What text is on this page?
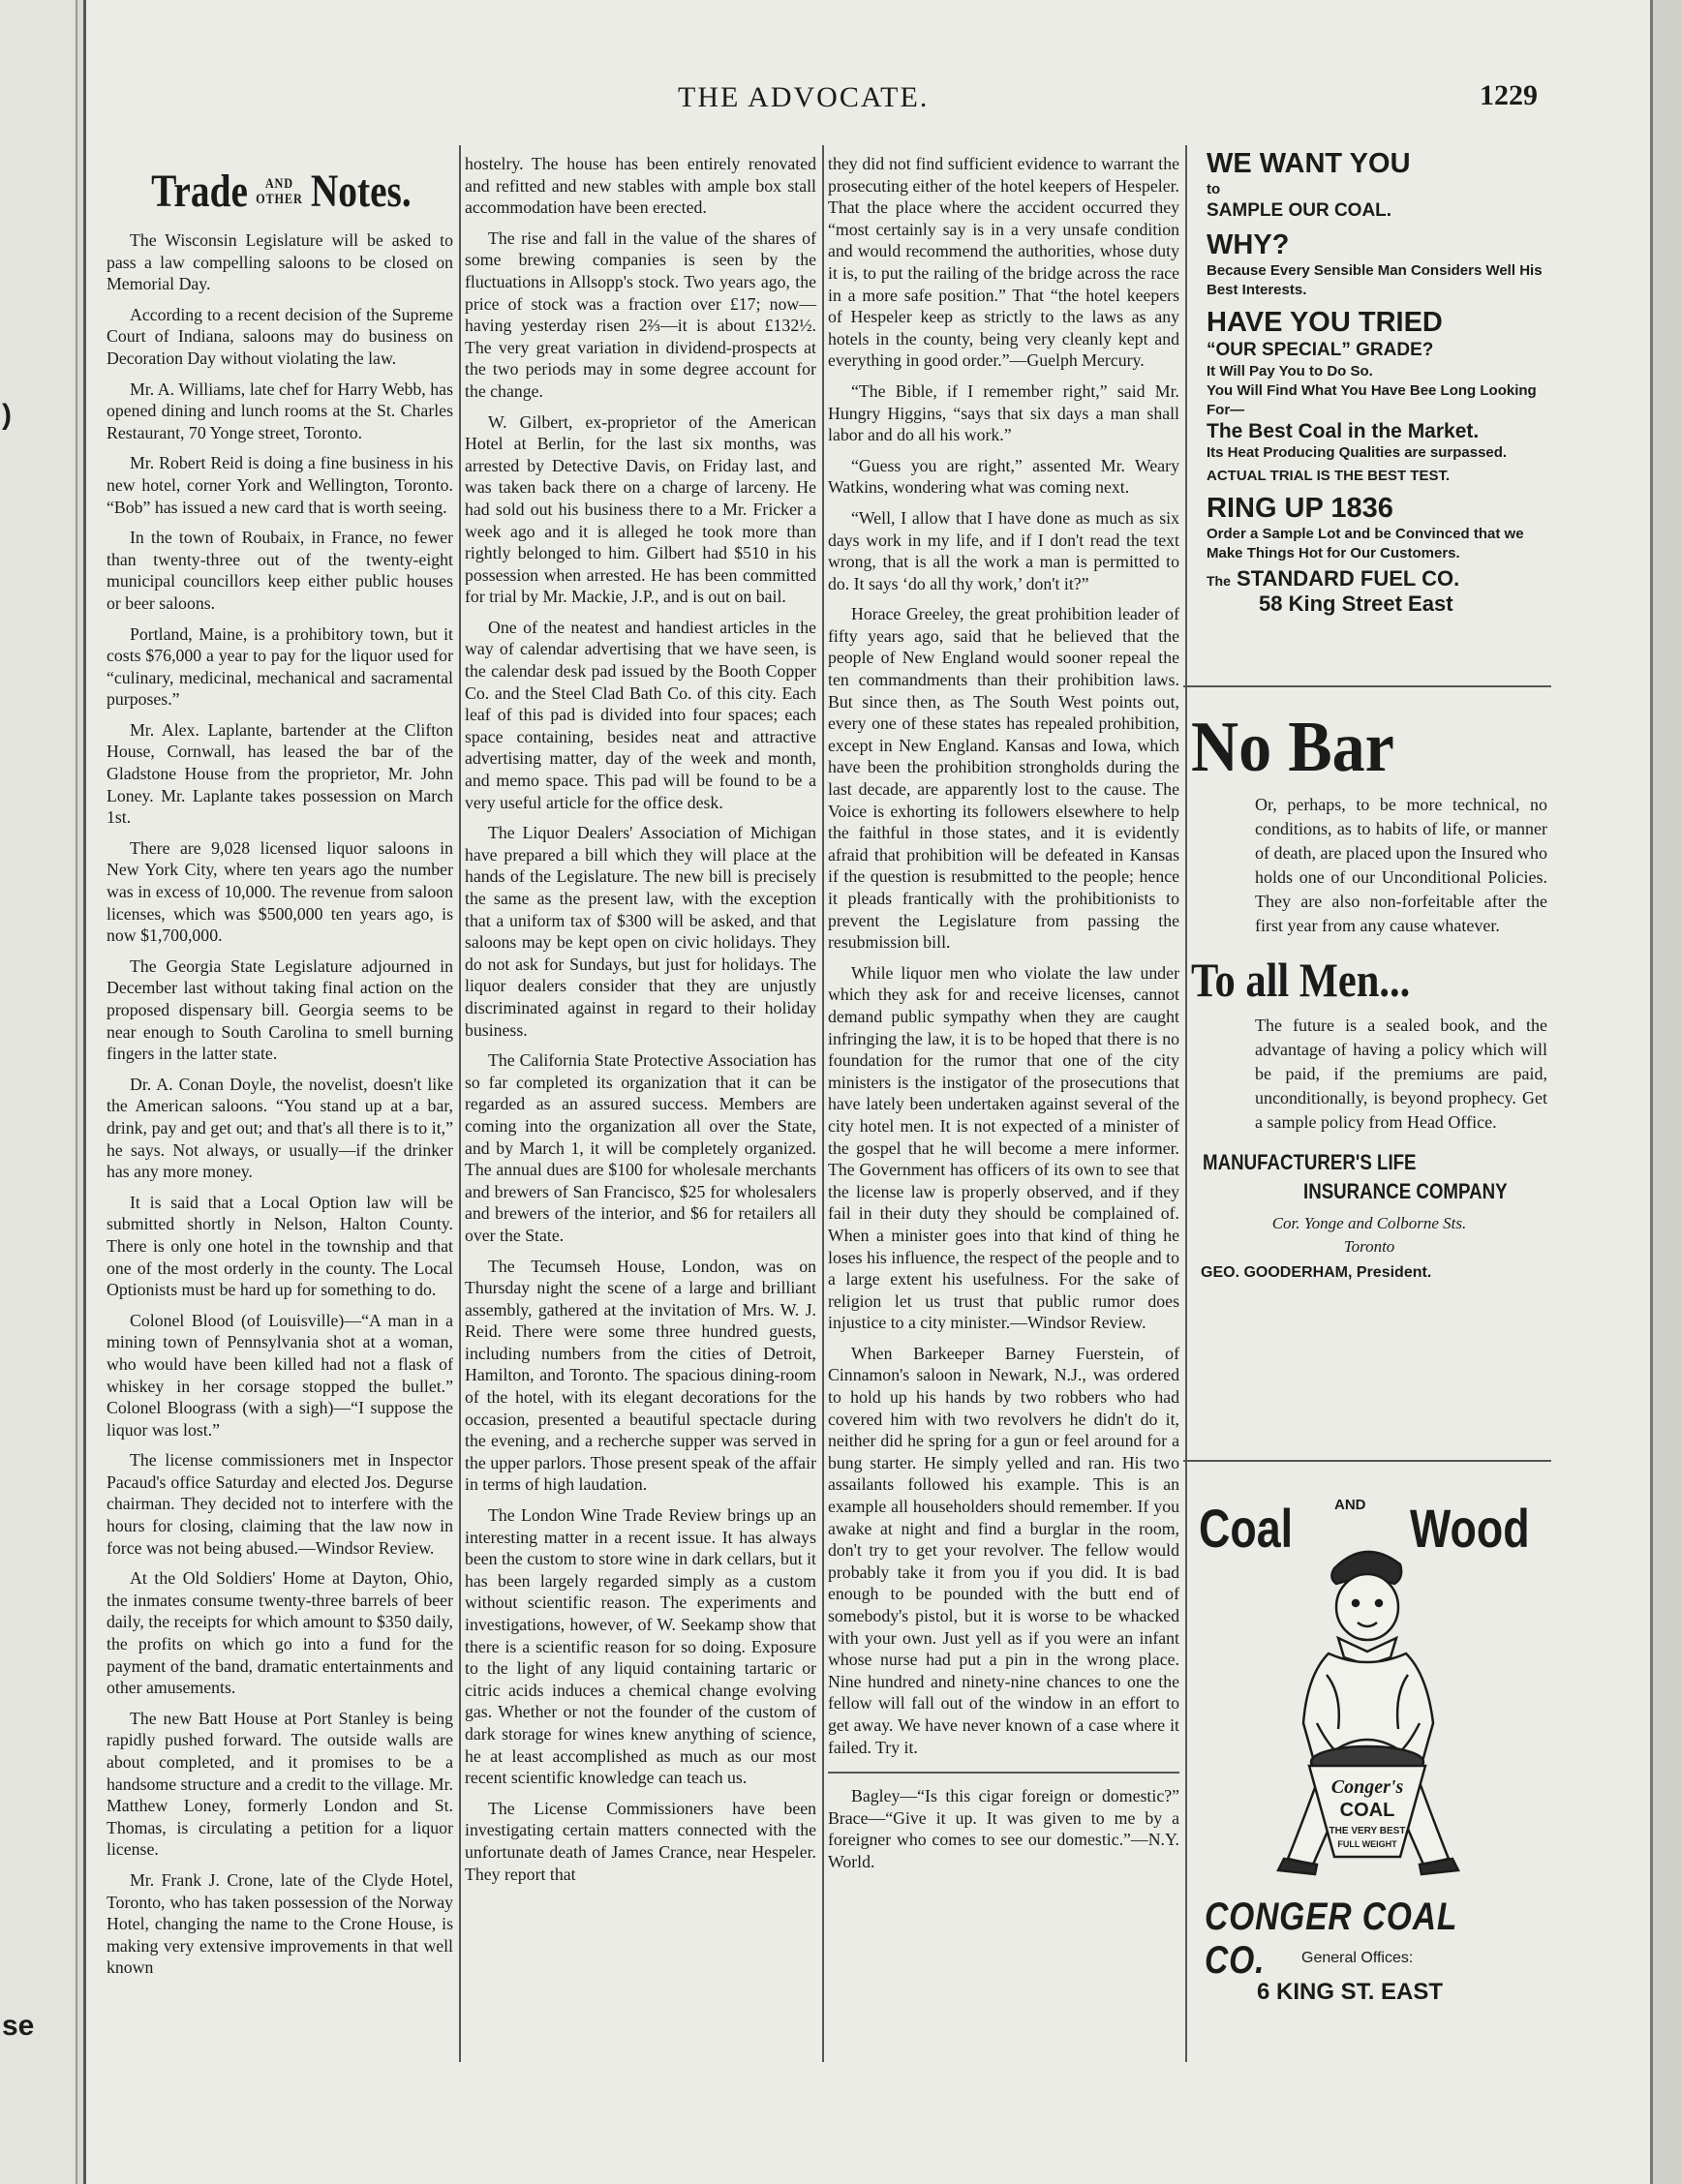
)
se
THE ADVOCATE.	1229
Trade	AND
OTHER Notes.

The Wisconsin Legislature will be asked to pass a law compelling saloons to be closed on Memorial Day.

According to a recent decision of the Supreme Court of Indiana, saloons may do business on Decoration Day without violating the law.

Mr. A. Williams, late chef for Harry Webb, has opened dining and lunch rooms at the St. Charles Restaurant, 70 Yonge street, Toronto.

Mr. Robert Reid is doing a fine business in his new hotel, corner York and Wellington, Toronto. “Bob” has issued a new card that is worth seeing.

In the town of Roubaix, in France, no fewer than twenty-three out of the twenty-eight municipal councillors keep either public houses or beer saloons.

Portland, Maine, is a prohibitory town, but it costs $76,000 a year to pay for the liquor used for “culinary, medicinal, mechanical and sacramental purposes.”

Mr. Alex. Laplante, bartender at the Clifton House, Cornwall, has leased the bar of the Gladstone House from the proprietor, Mr. John Loney. Mr. Laplante takes possession on March 1st.

There are 9,028 licensed liquor saloons in New York City, where ten years ago the number was in excess of 10,000. The revenue from saloon licenses, which was $500,000 ten years ago, is now $1,700,000.

The Georgia State Legislature adjourned in December last without taking final action on the proposed dispensary bill. Georgia seems to be near enough to South Carolina to smell burning fingers in the latter state.

Dr. A. Conan Doyle, the novelist, doesn't like the American saloons. “You stand up at a bar, drink, pay and get out; and that's all there is to it,” he says. Not always, or usually—if the drinker has any more money.

It is said that a Local Option law will be submitted shortly in Nelson, Halton County. There is only one hotel in the township and that one of the most orderly in the county. The Local Optionists must be hard up for something to do.

Colonel Blood (of Louisville)—“A man in a mining town of Pennsylvania shot at a woman, who would have been killed had not a flask of whiskey in her corsage stopped the bullet.” Colonel Bloograss (with a sigh)—“I suppose the liquor was lost.”

The license commissioners met in Inspector Pacaud's office Saturday and elected Jos. Degurse chairman. They decided not to interfere with the hours for closing, claiming that the law now in force was not being abused.—Windsor Review.

At the Old Soldiers' Home at Dayton, Ohio, the inmates consume twenty-three barrels of beer daily, the receipts for which amount to $350 daily, the profits on which go into a fund for the payment of the band, dramatic entertainments and other amusements.

The new Batt House at Port Stanley is being rapidly pushed forward. The outside walls are about completed, and it promises to be a handsome structure and a credit to the village. Mr. Matthew Loney, formerly London and St. Thomas, is circulating a petition for a liquor license.

Mr. Frank J. Crone, late of the Clyde Hotel, Toronto, who has taken possession of the Norway Hotel, changing the name to the Crone House, is making very extensive improvements in that well known

hostelry. The house has been entirely renovated and refitted and new stables with ample box stall accommodation have been erected.

The rise and fall in the value of the shares of some brewing companies is seen by the fluctuations in Allsopp's stock. Two years ago, the price of stock was a fraction over £17; now—having yesterday risen 2⅔—it is about £132½. The very great variation in dividend-prospects at the two periods may in some degree account for the change.

W. Gilbert, ex-proprietor of the American Hotel at Berlin, for the last six months, was arrested by Detective Davis, on Friday last, and was taken back there on a charge of larceny. He had sold out his business there to a Mr. Fricker a week ago and it is alleged he took more than rightly belonged to him. Gilbert had $510 in his possession when arrested. He has been committed for trial by Mr. Mackie, J.P., and is out on bail.

One of the neatest and handiest articles in the way of calendar advertising that we have seen, is the calendar desk pad issued by the Booth Copper Co. and the Steel Clad Bath Co. of this city. Each leaf of this pad is divided into four spaces; each space containing, besides neat and attractive advertising matter, day of the week and month, and memo space. This pad will be found to be a very useful article for the office desk.

The Liquor Dealers' Association of Michigan have prepared a bill which they will place at the hands of the Legislature. The new bill is precisely the same as the present law, with the exception that a uniform tax of $300 will be asked, and that saloons may be kept open on civic holidays. They do not ask for Sundays, but just for holidays. The liquor dealers consider that they are unjustly discriminated against in regard to their holiday business.

The California State Protective Association has so far completed its organization that it can be regarded as an assured success. Members are coming into the organization all over the State, and by March 1, it will be completely organized. The annual dues are $100 for wholesale merchants and brewers of San Francisco, $25 for wholesalers and brewers of the interior, and $6 for retailers all over the State.

The Tecumseh House, London, was on Thursday night the scene of a large and brilliant assembly, gathered at the invitation of Mrs. W. J. Reid. There were some three hundred guests, including numbers from the cities of Detroit, Hamilton, and Toronto. The spacious dining-room of the hotel, with its elegant decorations for the occasion, presented a beautiful spectacle during the evening, and a recherche supper was served in the upper parlors. Those present speak of the affair in terms of high laudation.

The London Wine Trade Review brings up an interesting matter in a recent issue. It has always been the custom to store wine in dark cellars, but it has been largely regarded simply as a custom without scientific reason. The experiments and investigations, however, of W. Seekamp show that there is a scientific reason for so doing. Exposure to the light of any liquid containing tartaric or citric acids induces a chemical change evolving gas. Whether or not the founder of the custom of dark storage for wines knew anything of science, he at least accomplished as much as our most recent scientific knowledge can teach us.

The License Commissioners have been investigating certain matters connected with the unfortunate death of James Crance, near Hespeler. They report that

they did not find sufficient evidence to warrant the prosecuting either of the hotel keepers of Hespeler. That the place where the accident occurred they “most certainly say is in a very unsafe condition and would recommend the authorities, whose duty it is, to put the railing of the bridge across the race in a more safe position.” That “the hotel keepers of Hespeler keep as strictly to the laws as any hotels in the county, being very cleanly kept and everything in good order.”—Guelph Mercury.

“The Bible, if I remember right,” said Mr. Hungry Higgins, “says that six days a man shall labor and do all his work.”

“Guess you are right,” assented Mr. Weary Watkins, wondering what was coming next.

“Well, I allow that I have done as much as six days work in my life, and if I don't read the text wrong, that is all the work a man is permitted to do. It says ‘do all thy work,’ don't it?”

Horace Greeley, the great prohibition leader of fifty years ago, said that he believed that the people of New England would sooner repeal the ten commandments than their prohibition laws. But since then, as The South West points out, every one of these states has repealed prohibition, except in New England. Kansas and Iowa, which have been the prohibition strongholds during the last decade, are apparently lost to the cause. The Voice is exhorting its followers elsewhere to help the faithful in those states, and it is evidently afraid that prohibition will be defeated in Kansas if the question is resubmitted to the people; hence it pleads frantically with the prohibitionists to prevent the Legislature from passing the resubmission bill.

While liquor men who violate the law under which they ask for and receive licenses, cannot demand public sympathy when they are caught infringing the law, it is to be hoped that there is no foundation for the rumor that one of the city ministers is the instigator of the prosecutions that have lately been undertaken against several of the city hotel men. It is not expected of a minister of the gospel that he will become a mere informer. The Government has officers of its own to see that the license law is properly observed, and if they fail in their duty they should be complained of. When a minister goes into that kind of thing he loses his influence, the respect of the people and to a large extent his usefulness. For the sake of religion let us trust that public rumor does injustice to a city minister.—Windsor Review.

When Barkeeper Barney Fuerstein, of Cinnamon's saloon in Newark, N.J., was ordered to hold up his hands by two robbers who had covered him with two revolvers he didn't do it, neither did he spring for a gun or feel around for a bung starter. He simply yelled and ran. His two assailants followed his example. This is an example all householders should remember. If you awake at night and find a burglar in the room, don't try to get your revolver. The fellow would probably take it from you if you did. It is bad enough to be pounded with the butt end of somebody's pistol, but it is worse to be whacked with your own. Just yell as if you were an infant whose nurse had put a pin in the wrong place. Nine hundred and ninety-nine chances to one the fellow will fall out of the window in an effort to get away. We have never known of a case where it failed. Try it.

Bagley—“Is this cigar foreign or domestic?” Brace—“Give it up. It was given to me by a foreigner who comes to see our domestic.”—N.Y. World.

WE WANT YOU
to
SAMPLE OUR COAL.
WHY?
Because Every Sensible Man Considers Well His Best Interests.
HAVE YOU TRIED
“OUR SPECIAL” GRADE?
It Will Pay You to Do So.
You Will Find What You Have Bee Long Looking For—
The Best Coal in the Market.
Its Heat Producing Qualities are surpassed.
ACTUAL TRIAL IS THE BEST TEST.
RING UP 1836
Order a Sample Lot and be Convinced that we Make Things Hot for Our Customers.
The STANDARD FUEL CO.
58 King Street East
No Bar
Or, perhaps, to be more technical, no conditions, as to habits of life, or manner of death, are placed upon the Insured who holds one of our Unconditional Policies. They are also non-forfeitable after the first year from any cause whatever.
To all Men...
The future is a sealed book, and the advantage of having a policy which will be paid, if the premiums are paid, unconditionally, is beyond prophecy. Get a sample policy from Head Office.
MANUFACTURER'S LIFE
INSURANCE COMPANY
Cor. Yonge and Colborne Sts.
Toronto
GEO. GOODERHAM, President.
Coal	AND Wood
Conger's
COAL
THE VERY BEST
FULL WEIGHT
CONGER COAL CO.	General Offices:
6 KING ST. EAST
